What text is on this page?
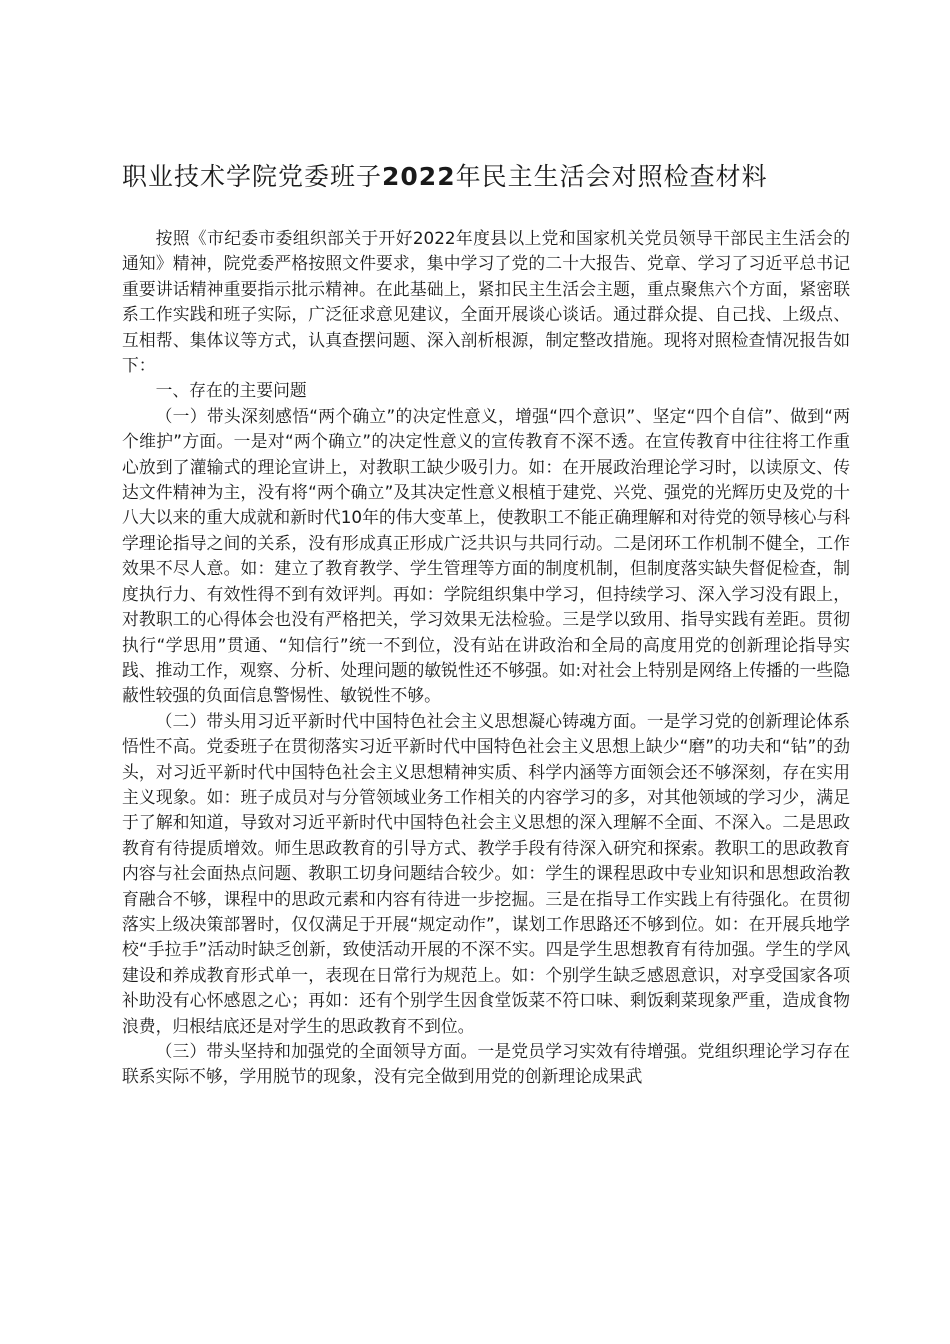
职业技术学院党委班子2022年民主生活会对照检查材料

按照《市纪委市委组织部关于开好2022年度县以上党和国家机关党员领导干部民主生活会的通知》精神，院党委严格按照文件要求，集中学习了党的二十大报告、党章、学习了习近平总书记重要讲话精神重要指示批示精神。在此基础上，紧扣民主生活会主题，重点聚焦六个方面，紧密联系工作实践和班子实际，广泛征求意见建议，全面开展谈心谈话。通过群众提、自己找、上级点、互相帮、集体议等方式，认真查摆问题、深入剖析根源，制定整改措施。现将对照检查情况报告如下：

一、存在的主要问题

（一）带头深刻感悟“两个确立”的决定性意义，增强“四个意识”、坚定“四个自信”、做到“两个维护”方面。一是对“两个确立”的决定性意义的宣传教育不深不透。在宣传教育中往往将工作重心放到了灌输式的理论宣讲上，对教职工缺少吸引力。如：在开展政治理论学习时，以读原文、传达文件精神为主，没有将“两个确立”及其决定性意义根植于建党、兴党、强党的光辉历史及党的十八大以来的重大成就和新时代10年的伟大变革上，使教职工不能正确理解和对待党的领导核心与科学理论指导之间的关系，没有形成真正形成广泛共识与共同行动。二是闭环工作机制不健全，工作效果不尽人意。如：建立了教育教学、学生管理等方面的制度机制，但制度落实缺失督促检查，制度执行力、有效性得不到有效评判。再如：学院组织集中学习，但持续学习、深入学习没有跟上，对教职工的心得体会也没有严格把关，学习效果无法检验。三是学以致用、指导实践有差距。贯彻执行“学思用”贯通、“知信行”统一不到位，没有站在讲政治和全局的高度用党的创新理论指导实践、推动工作，观察、分析、处理问题的敏锐性还不够强。如:对社会上特别是网络上传播的一些隐蔽性较强的负面信息警惕性、敏锐性不够。

（二）带头用习近平新时代中国特色社会主义思想凝心铸魂方面。一是学习党的创新理论体系悟性不高。党委班子在贯彻落实习近平新时代中国特色社会主义思想上缺少“磨”的功夫和“钻”的劲头，对习近平新时代中国特色社会主义思想精神实质、科学内涵等方面领会还不够深刻，存在实用主义现象。如：班子成员对与分管领域业务工作相关的内容学习的多，对其他领域的学习少，满足于了解和知道，导致对习近平新时代中国特色社会主义思想的深入理解不全面、不深入。二是思政教育有待提质增效。师生思政教育的引导方式、教学手段有待深入研究和探索。教职工的思政教育内容与社会面热点问题、教职工切身问题结合较少。如：学生的课程思政中专业知识和思想政治教育融合不够，课程中的思政元素和内容有待进一步挖掘。三是在指导工作实践上有待强化。在贯彻落实上级决策部署时，仅仅满足于开展“规定动作”，谋划工作思路还不够到位。如：在开展兵地学校“手拉手”活动时缺乏创新，致使活动开展的不深不实。四是学生思想教育有待加强。学生的学风建设和养成教育形式单一，表现在日常行为规范上。如：个别学生缺乏感恩意识，对享受国家各项补助没有心怀感恩之心；再如：还有个别学生因食堂饭菜不符口味、剩饭剩菜现象严重，造成食物浪费，归根结底还是对学生的思政教育不到位。

（三）带头坚持和加强党的全面领导方面。一是党员学习实效有待增强。党组织理论学习存在联系实际不够，学用脱节的现象，没有完全做到用党的创新理论成果武
